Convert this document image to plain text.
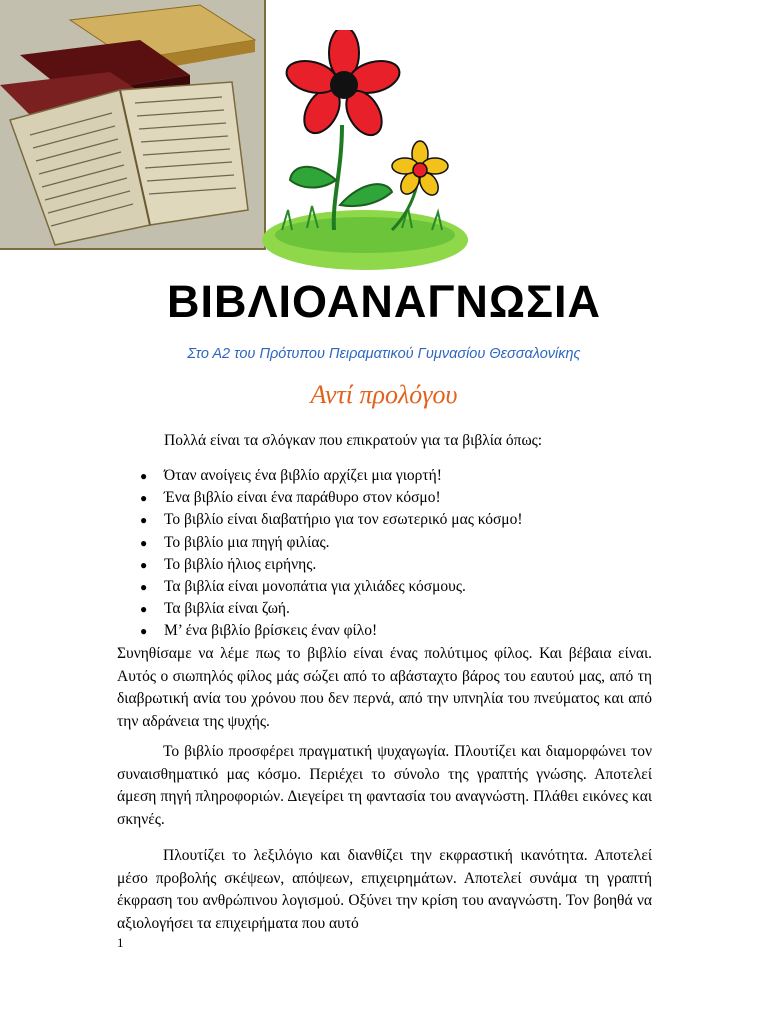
ΒΙΒΛΙΟΑΝΑΓΝΩΣΙΑ
Στο Α2 του Πρότυπου Πειραματικού Γυμνασίου Θεσσαλονίκης
Αντί προλόγου
Πολλά είναι τα σλόγκαν που επικρατούν για τα βιβλία όπως:
● Όταν ανοίγεις ένα βιβλίο αρχίζει μια γιορτή!
● Ένα βιβλίο είναι ένα παράθυρο στον κόσμο!
● Το βιβλίο είναι διαβατήριο για τον εσωτερικό μας κόσμο!
● Το βιβλίο μια πηγή φιλίας.
● Το βιβλίο ήλιος ειρήνης.
● Τα βιβλία είναι μονοπάτια για χιλιάδες κόσμους.
● Τα βιβλία είναι ζωή.
● Μ’ ένα βιβλίο βρίσκεις έναν φίλο!

Συνηθίσαμε να λέμε πως το βιβλίο είναι ένας πολύτιμος φίλος. Και βέβαια είναι. Αυτός ο σιωπηλός φίλος μάς σώζει από το αβάσταχτο βάρος του εαυτού μας, από τη διαβρωτική ανία του χρόνου που δεν περνά, από την υπνηλία του πνεύματος και από την αδράνεια της ψυχής.

Το βιβλίο προσφέρει πραγματική ψυχαγωγία. Πλουτίζει και διαμορφώνει τον συναισθηματικό μας κόσμο. Περιέχει το σύνολο της γραπτής γνώσης. Αποτελεί άμεση πηγή πληροφοριών. Διεγείρει τη φαντασία του αναγνώστη. Πλάθει εικόνες και σκηνές.

Πλουτίζει το λεξιλόγιο και διανθίζει την εκφραστική ικανότητα. Αποτελεί μέσο προβολής σκέψεων, απόψεων, επιχειρημάτων. Αποτελεί συνάμα τη γραπτή έκφραση του ανθρώπινου λογισμού. Οξύνει την κρίση του αναγνώστη. Τον βοηθά να αξιολογήσει τα επιχειρήματα που αυτό

1
